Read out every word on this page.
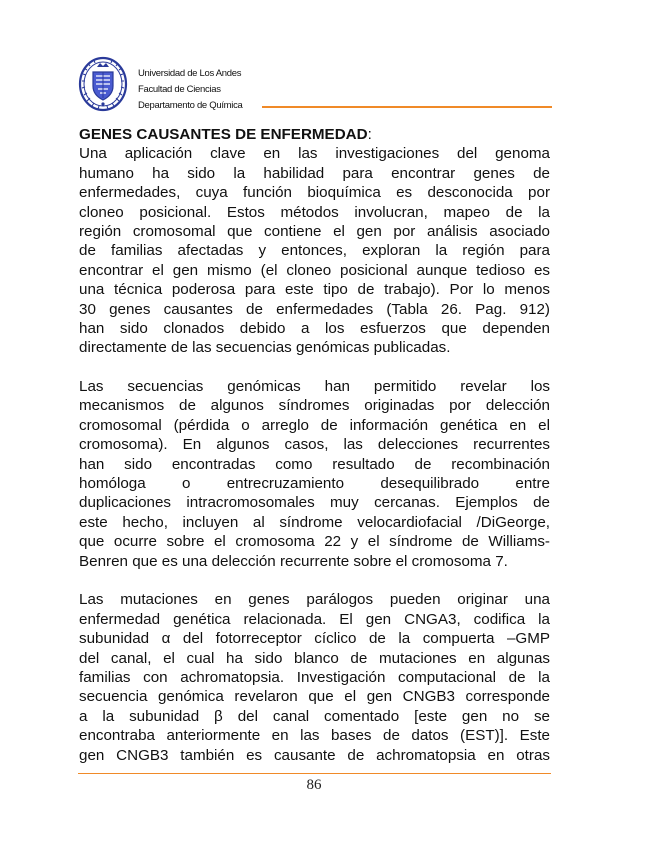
Universidad de Los Andes
Facultad de Ciencias
Departamento de Química
GENES CAUSANTES DE ENFERMEDAD:
Una aplicación clave en las investigaciones del genoma
humano ha sido la habilidad para encontrar genes de
enfermedades, cuya función bioquímica es desconocida por
cloneo posicional. Estos métodos involucran, mapeo de la
región cromosomal que contiene el gen por análisis asociado
de familias afectadas y entonces, exploran la región para
encontrar el gen mismo (el cloneo posicional aunque tedioso es
una técnica poderosa para este tipo de trabajo). Por lo menos
30 genes causantes de enfermedades (Tabla 26. Pag. 912)
han sido clonados debido a los esfuerzos que dependen
directamente de las secuencias genómicas publicadas.
Las secuencias genómicas han permitido revelar los
mecanismos de algunos síndromes originadas por delección
cromosomal (pérdida o arreglo de información genética en el
cromosoma). En algunos casos, las delecciones recurrentes
han sido encontradas como resultado de recombinación
homóloga o entrecruzamiento desequilibrado entre
duplicaciones intracromosomales muy cercanas. Ejemplos de
este hecho, incluyen al síndrome velocardiofacial /DiGeorge,
que ocurre sobre el cromosoma 22 y el síndrome de Williams-
Benren que es una delección recurrente sobre el cromosoma 7.
Las mutaciones en genes parálogos pueden originar una
enfermedad genética relacionada. El gen CNGA3, codifica la
subunidad α del fotorreceptor cíclico de la compuerta –GMP
del canal, el cual ha sido blanco de mutaciones en algunas
familias con achromatopsia. Investigación computacional de la
secuencia genómica revelaron que el gen CNGB3 corresponde
a la subunidad β del canal comentado [este gen no se
encontraba anteriormente en las bases de datos (EST)]. Este
gen CNGB3 también es causante de achromatopsia en otras
86
